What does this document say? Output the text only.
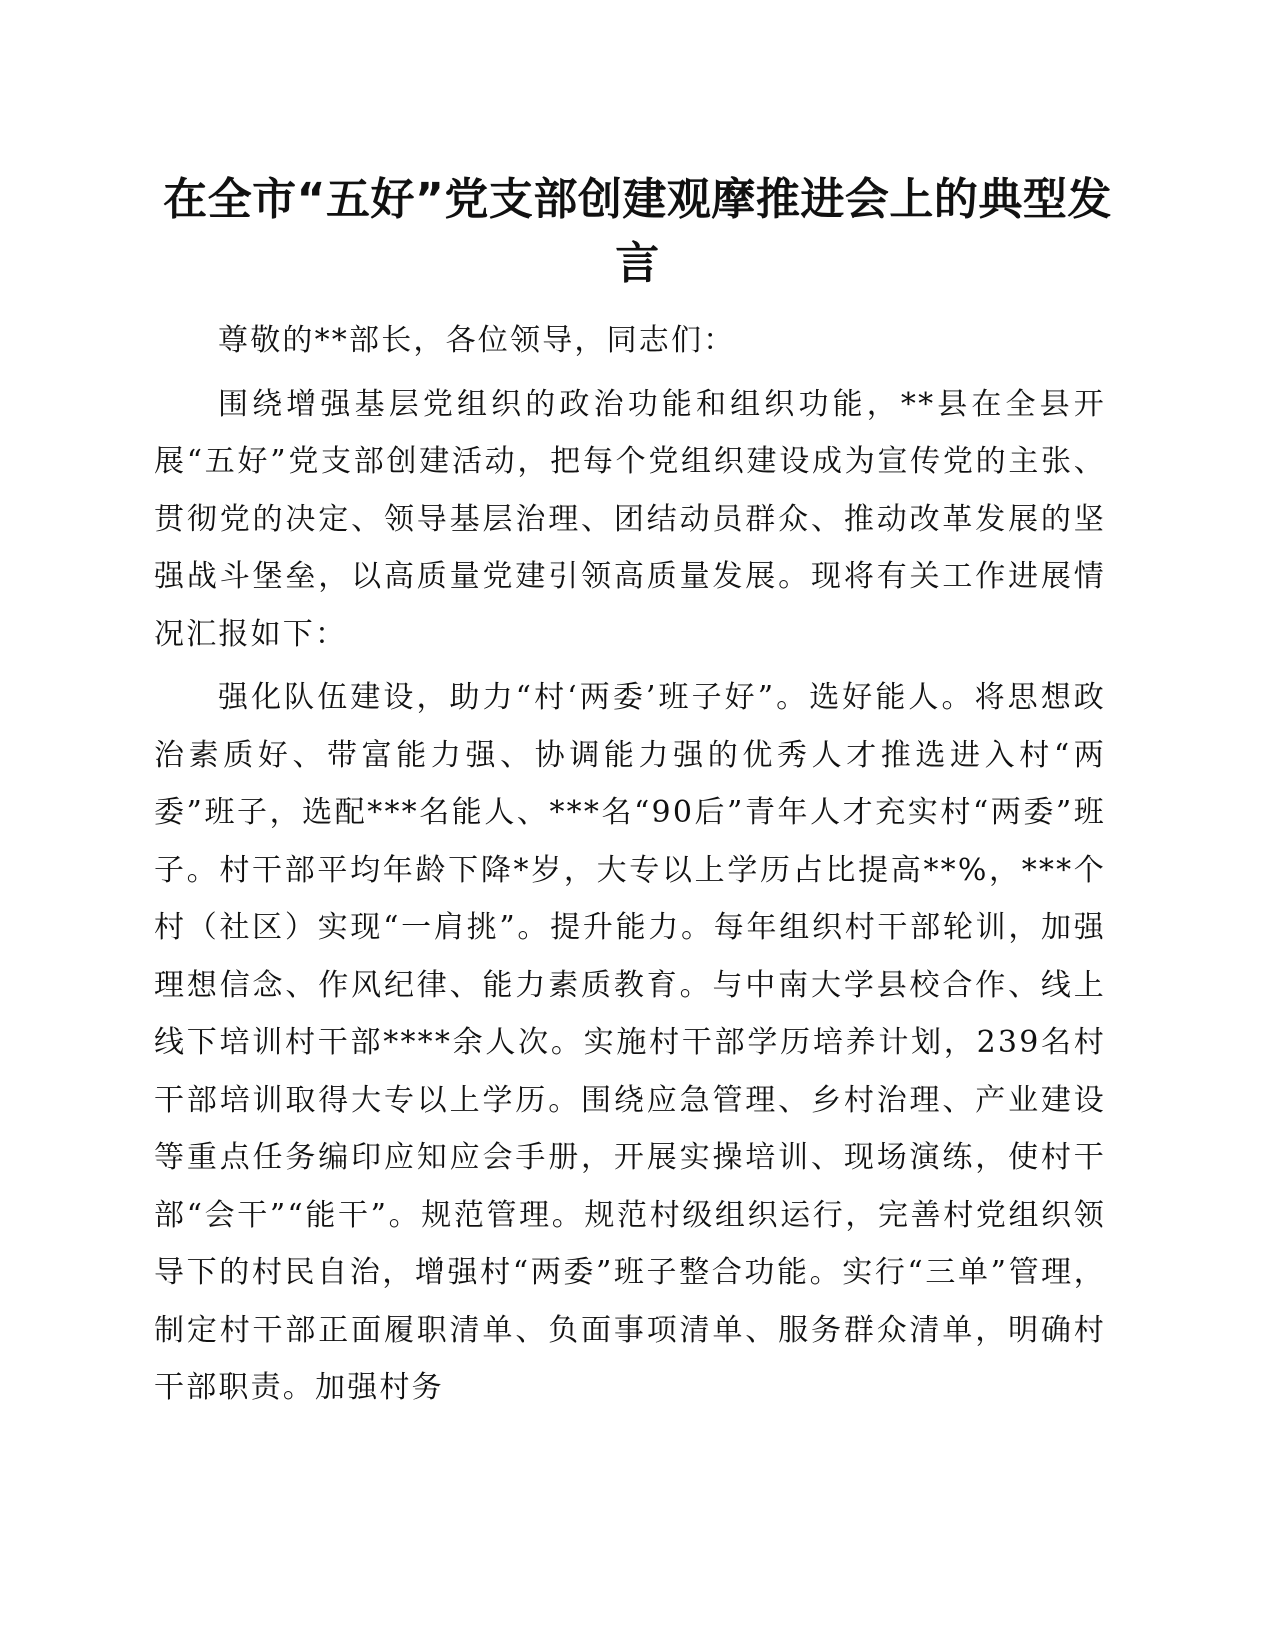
在全市“五好”党支部创建观摩推进会上的典型发言

尊敬的**部长，各位领导，同志们：

围绕增强基层党组织的政治功能和组织功能，**县在全县开展“五好”党支部创建活动，把每个党组织建设成为宣传党的主张、贯彻党的决定、领导基层治理、团结动员群众、推动改革发展的坚强战斗堡垒，以高质量党建引领高质量发展。现将有关工作进展情况汇报如下：

强化队伍建设，助力“村‘两委’班子好”。选好能人。将思想政治素质好、带富能力强、协调能力强的优秀人才推选进入村“两委”班子，选配***名能人、***名“90后”青年人才充实村“两委”班子。村干部平均年龄下降*岁，大专以上学历占比提高**%，***个村（社区）实现“一肩挑”。提升能力。每年组织村干部轮训，加强理想信念、作风纪律、能力素质教育。与中南大学县校合作、线上线下培训村干部****余人次。实施村干部学历培养计划，239名村干部培训取得大专以上学历。围绕应急管理、乡村治理、产业建设等重点任务编印应知应会手册，开展实操培训、现场演练，使村干部“会干”“能干”。规范管理。规范村级组织运行，完善村党组织领导下的村民自治，增强村“两委”班子整合功能。实行“三单”管理，制定村干部正面履职清单、负面事项清单、服务群众清单，明确村干部职责。加强村务
